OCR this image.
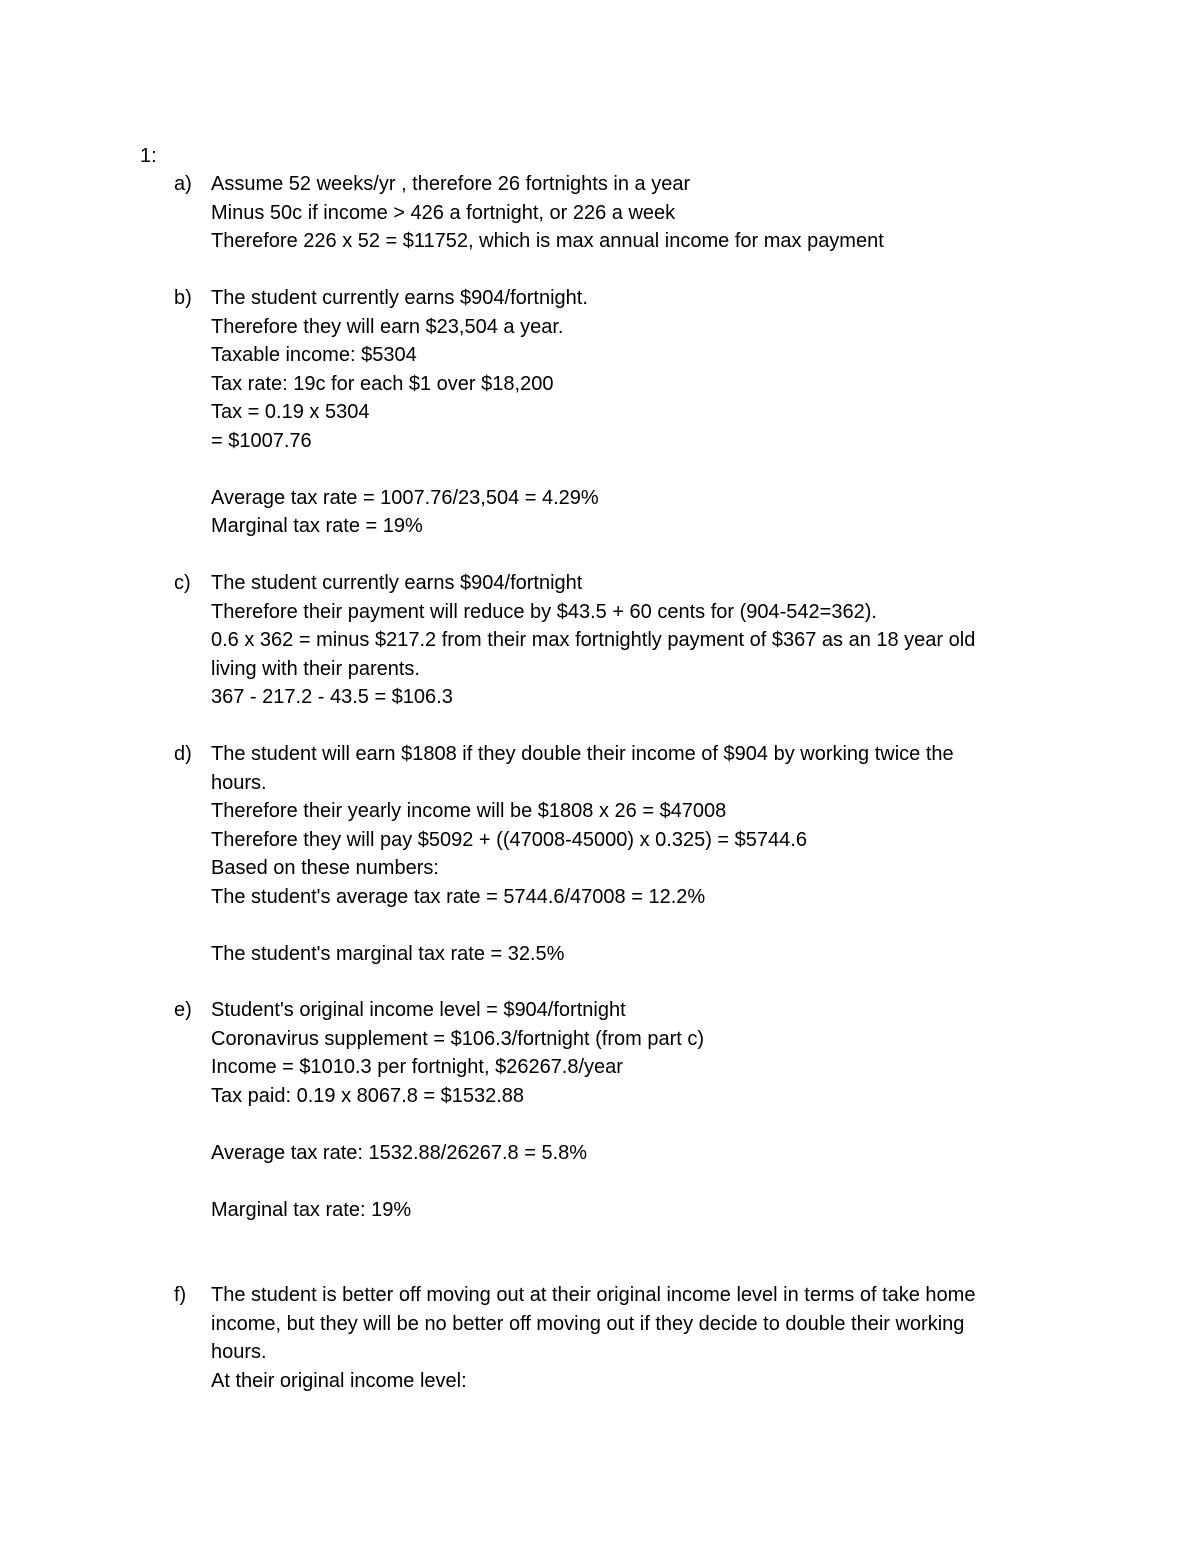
1:
a) Assume 52 weeks/yr , therefore 26 fortnights in a year
Minus 50c if income > 426 a fortnight, or 226 a week
Therefore 226 x 52 = $11752, which is max annual income for max payment
b) The student currently earns $904/fortnight.
Therefore they will earn $23,504 a year.
Taxable income: $5304
Tax rate: 19c for each $1 over $18,200
Tax = 0.19 x 5304
= $1007.76
Average tax rate = 1007.76/23,504 = 4.29%
Marginal tax rate = 19%
c) The student currently earns $904/fortnight
Therefore their payment will reduce by $43.5 + 60 cents for (904-542=362).
0.6 x 362 = minus $217.2 from their max fortnightly payment of $367 as an 18 year old
living with their parents.
367 - 217.2 - 43.5 = $106.3
d) The student will earn $1808 if they double their income of $904 by working twice the
hours.
Therefore their yearly income will be $1808 x 26 = $47008
Therefore they will pay $5092 + ((47008-45000) x 0.325) = $5744.6
Based on these numbers:
The student's average tax rate = 5744.6/47008 = 12.2%
The student's marginal tax rate = 32.5%
e) Student's original income level = $904/fortnight
Coronavirus supplement = $106.3/fortnight (from part c)
Income = $1010.3 per fortnight, $26267.8/year
Tax paid: 0.19 x 8067.8 = $1532.88
Average tax rate: 1532.88/26267.8 = 5.8%
Marginal tax rate: 19%
f) The student is better off moving out at their original income level in terms of take home
income, but they will be no better off moving out if they decide to double their working
hours.
At their original income level:
